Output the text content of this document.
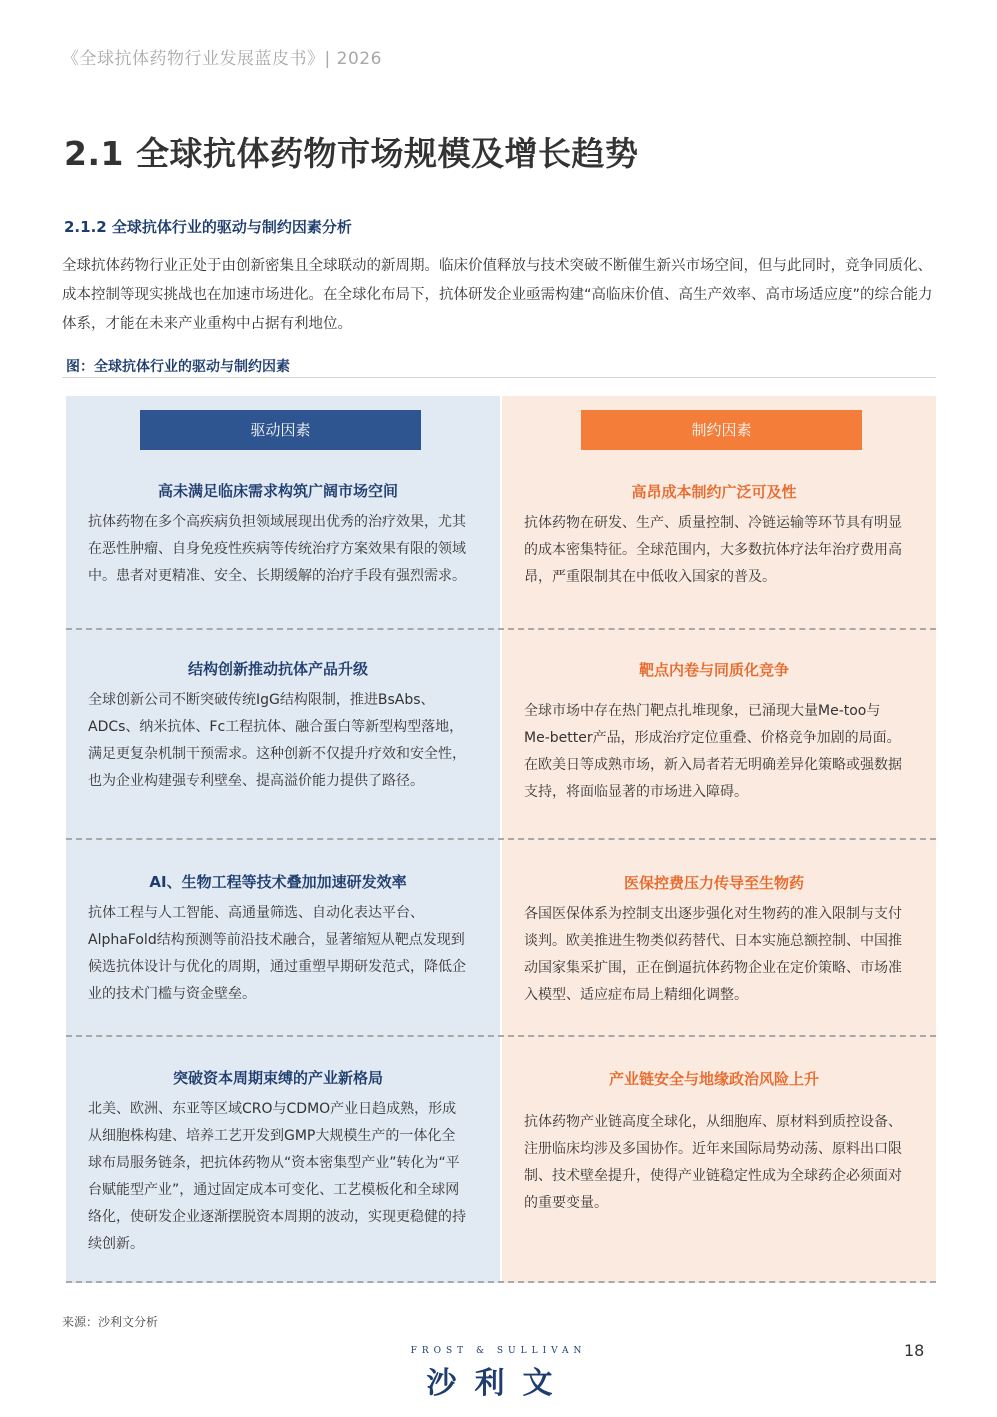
《全球抗体药物行业发展蓝皮书》| 2026
2.1 全球抗体药物市场规模及增长趋势
2.1.2 全球抗体行业的驱动与制约因素分析
全球抗体药物行业正处于由创新密集且全球联动的新周期。临床价值释放与技术突破不断催生新兴市场空间，但与此同时，竞争同质化、成本控制等现实挑战也在加速市场进化。在全球化布局下，抗体研发企业亟需构建“高临床价值、高生产效率、高市场适应度”的综合能力体系，才能在未来产业重构中占据有利地位。
图：全球抗体行业的驱动与制约因素
驱动因素	制约因素
高未满足临床需求构筑广阔市场空间
抗体药物在多个高疾病负担领域展现出优秀的治疗效果，尤其在恶性肿瘤、自身免疫性疾病等传统治疗方案效果有限的领域中。患者对更精准、安全、长期缓解的治疗手段有强烈需求。
结构创新推动抗体产品升级
全球创新公司不断突破传统IgG结构限制，推进BsAbs、ADCs、纳米抗体、Fc工程抗体、融合蛋白等新型构型落地，满足更复杂机制干预需求。这种创新不仅提升疗效和安全性，也为企业构建强专利壁垒、提高溢价能力提供了路径。
AI、生物工程等技术叠加加速研发效率
抗体工程与人工智能、高通量筛选、自动化表达平台、AlphaFold结构预测等前沿技术融合，显著缩短从靶点发现到候选抗体设计与优化的周期，通过重塑早期研发范式，降低企业的技术门槛与资金壁垒。
突破资本周期束缚的产业新格局
北美、欧洲、东亚等区域CRO与CDMO产业日趋成熟，形成从细胞株构建、培养工艺开发到GMP大规模生产的一体化全球布局服务链条，把抗体药物从“资本密集型产业”转化为“平台赋能型产业”，通过固定成本可变化、工艺模板化和全球网络化，使研发企业逐渐摆脱资本周期的波动，实现更稳健的持续创新。
高昂成本制约广泛可及性
抗体药物在研发、生产、质量控制、冷链运输等环节具有明显的成本密集特征。全球范围内，大多数抗体疗法年治疗费用高昂，严重限制其在中低收入国家的普及。
靶点内卷与同质化竞争
全球市场中存在热门靶点扎堆现象，已涌现大量Me-too与Me-better产品，形成治疗定位重叠、价格竞争加剧的局面。在欧美日等成熟市场，新入局者若无明确差异化策略或强数据支持，将面临显著的市场进入障碍。
医保控费压力传导至生物药
各国医保体系为控制支出逐步强化对生物药的准入限制与支付谈判。欧美推进生物类似药替代、日本实施总额控制、中国推动国家集采扩围，正在倒逼抗体药物企业在定价策略、市场准入模型、适应症布局上精细化调整。
产业链安全与地缘政治风险上升
抗体药物产业链高度全球化，从细胞库、原材料到质控设备、注册临床均涉及多国协作。近年来国际局势动荡、原料出口限制、技术壁垒提升，使得产业链稳定性成为全球药企必须面对的重要变量。
来源：沙利文分析
FROST & SULLIVAN
沙利文
18
